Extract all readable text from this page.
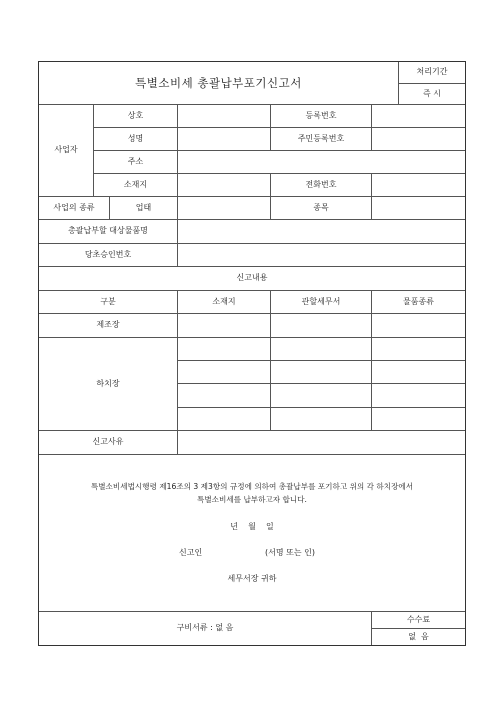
특별소비세 총괄납부포기신고서
처리기간
즉 시
사업자
상호	등록번호
성명	주민등록번호
주소
소재지	전화번호
사업의 종류	업태	종목
총괄납부할 대상물품명
당초승인번호
신고내용
구분	소재지	관할세무서	물품종류
제조장
하치장
신고사유
특별소비세법시행령 제16조의 3 제3항의 규정에 의하여 총괄납부를 포기하고 위의 각 하치장에서
특별소비세를 납부하고자 합니다.
년    월    일
신고인	(서명 또는 인)
세무서장 귀하
구비서류 : 없 음
수수료
없  음
